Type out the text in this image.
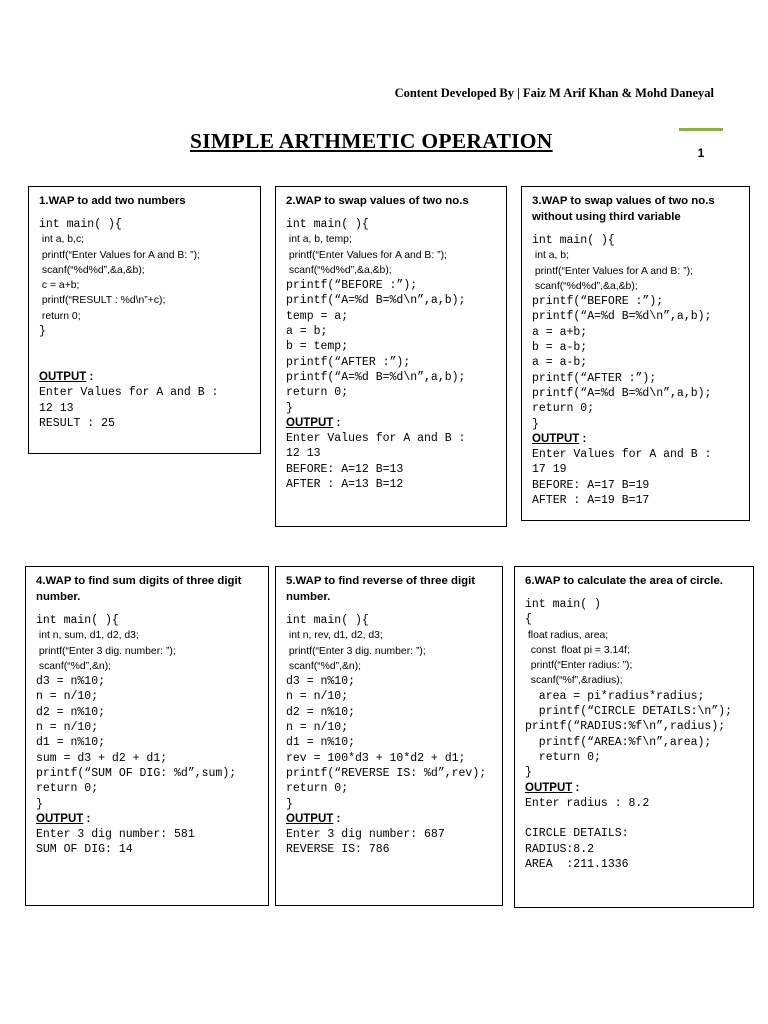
Content Developed By | Faiz M Arif Khan & Mohd Daneyal
SIMPLE ARTHMETIC OPERATION	1
1.WAP to add two numbers
int main( ){
int a, b,c;
printf(“Enter Values for A and B: ”);
scanf(“%d%d”,&a,&b);
c = a+b;
printf(“RESULT : %d\n”+c);
return 0;
}
OUTPUT :
Enter Values for A and B :
12 13
RESULT : 25
2.WAP to swap values of two no.s
int main( ){
int a, b, temp;
printf(“Enter Values for A and B: ”);
scanf(“%d%d”,&a,&b);
printf(“BEFORE :”);
printf(“A=%d B=%d\n”,a,b);
temp = a;
a = b;
b = temp;
printf(“AFTER :”);
printf(“A=%d B=%d\n”,a,b);
return 0;
}
OUTPUT :
Enter Values for A and B :
12 13
BEFORE: A=12 B=13
AFTER : A=13 B=12
3.WAP to swap values of two no.s without using third variable
int main( ){
int a, b;
printf(“Enter Values for A and B: ”);
scanf(“%d%d”,&a,&b);
printf(“BEFORE :”);
printf(“A=%d B=%d\n”,a,b);
a = a+b;
b = a-b;
a = a-b;
printf(“AFTER :”);
printf(“A=%d B=%d\n”,a,b);
return 0;
}
OUTPUT :
Enter Values for A and B :
17 19
BEFORE: A=17 B=19
AFTER : A=19 B=17
4.WAP to find sum digits of three digit number.
int main( ){
int n, sum, d1, d2, d3;
printf(“Enter 3 dig. number: ”);
scanf(“%d”,&n);
d3 = n%10;
n = n/10;
d2 = n%10;
n = n/10;
d1 = n%10;
sum = d3 + d2 + d1;
printf(“SUM OF DIG: %d”,sum);
return 0;
}
OUTPUT :
Enter 3 dig number: 581
SUM OF DIG: 14
5.WAP to find reverse of three digit number.
int main( ){
int n, rev, d1, d2, d3;
printf(“Enter 3 dig. number: ”);
scanf(“%d”,&n);
d3 = n%10;
n = n/10;
d2 = n%10;
n = n/10;
d1 = n%10;
rev = 100*d3 + 10*d2 + d1;
printf(“REVERSE IS: %d”,rev);
return 0;
}
OUTPUT :
Enter 3 dig number: 687
REVERSE IS: 786
6.WAP to calculate the area of circle.
int main( )
{
float radius, area;
const  float pi = 3.14f;
printf(“Enter radius: ”);
scanf(“%f”,&radius);
area = pi*radius*radius;
printf(“CIRCLE DETAILS:\n”);
printf(“RADIUS:%f\n”,radius);
printf(“AREA:%f\n”,area);
return 0;
}
OUTPUT :
Enter radius : 8.2
CIRCLE DETAILS:
RADIUS:8.2
AREA  :211.1336
